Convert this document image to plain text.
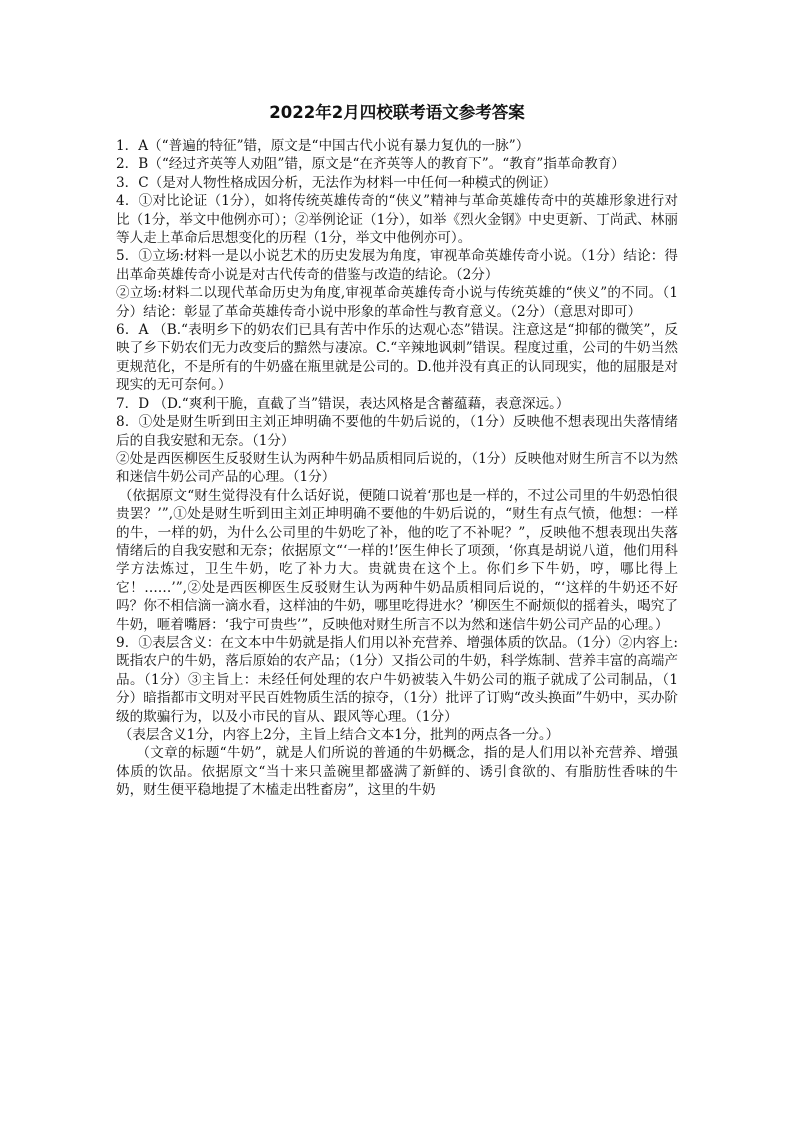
2022年2月四校联考语文参考答案

1．A（“普遍的特征”错，原文是“中国古代小说有暴力复仇的一脉”）

2．B（“经过齐英等人劝阻”错，原文是“在齐英等人的教育下”。“教育”指革命教育）

3．C（是对人物性格成因分析，无法作为材料一中任何一种模式的例证）

4．①对比论证（1分），如将传统英雄传奇的“侠义”精神与革命英雄传奇中的英雄形象进行对比（1分，举文中他例亦可）；②举例论证（1分），如举《烈火金钢》中史更新、丁尚武、林丽等人走上革命后思想变化的历程（1分，举文中他例亦可）。

5．①立场:材料一是以小说艺术的历史发展为角度，审视革命英雄传奇小说。（1分）结论：得出革命英雄传奇小说是对古代传奇的借鉴与改造的结论。（2分）

②立场:材料二以现代革命历史为角度,审视革命英雄传奇小说与传统英雄的“侠义”的不同。（1分）结论：彰显了革命英雄传奇小说中形象的革命性与教育意义。（2分）（意思对即可）

6．A （B.“表明乡下的奶农们已具有苦中作乐的达观心态”错误。注意这是“抑郁的微笑”，反映了乡下奶农们无力改变后的黯然与凄凉。C.“辛辣地讽刺”错误。程度过重，公司的牛奶当然更规范化，不是所有的牛奶盛在瓶里就是公司的。D.他并没有真正的认同现实，他的屈服是对现实的无可奈何。）

7．D （D.“爽利干脆，直截了当”错误，表达风格是含蓄蕴藉，表意深远。）

8．①处是财生听到田主刘正坤明确不要他的牛奶后说的，（1分）反映他不想表现出失落情绪后的自我安慰和无奈。（1分）

②处是西医柳医生反驳财生认为两种牛奶品质相同后说的，（1分）反映他对财生所言不以为然和迷信牛奶公司产品的心理。（1分）

（依据原文“财生觉得没有什么话好说，便随口说着‘那也是一样的，不过公司里的牛奶恐怕很贵罢？’”,①处是财生听到田主刘正坤明确不要他的牛奶后说的，“财生有点气愤，他想：一样的牛，一样的奶，为什么公司里的牛奶吃了补，他的吃了不补呢？”，反映他不想表现出失落情绪后的自我安慰和无奈；依据原文“‘一样的!’医生伸长了项颈，‘你真是胡说八道，他们用科学方法炼过，卫生牛奶，吃了补力大。贵就贵在这个上。你们乡下牛奶，哼，哪比得上它！……’”,②处是西医柳医生反驳财生认为两种牛奶品质相同后说的，“‘这样的牛奶还不好吗？你不相信滴一滴水看，这样油的牛奶，哪里吃得进水？’柳医生不耐烦似的摇着头，喝究了牛奶，咂着嘴唇：‘我宁可贵些’”，反映他对财生所言不以为然和迷信牛奶公司产品的心理。）

9．①表层含义：在文本中牛奶就是指人们用以补充营养、增强体质的饮品。（1分）②内容上:既指农户的牛奶，落后原始的农产品；（1分）又指公司的牛奶，科学炼制、营养丰富的高端产品。（1分）③主旨上：未经任何处理的农户牛奶被装入牛奶公司的瓶子就成了公司制品，（1分）暗指都市文明对平民百姓物质生活的掠夺，（1分）批评了订购“改头换面”牛奶中，买办阶级的欺骗行为，以及小市民的盲从、跟风等心理。（1分）

（表层含义1分，内容上2分，主旨上结合文本1分，批判的两点各一分。）

（文章的标题“牛奶”，就是人们所说的普通的牛奶概念，指的是人们用以补充营养、增强体质的饮品。依据原文“当十来只盖碗里都盛满了新鲜的、诱引食欲的、有脂肪性香味的牛奶，财生便平稳地提了木榼走出牲畜房”，这里的牛奶
